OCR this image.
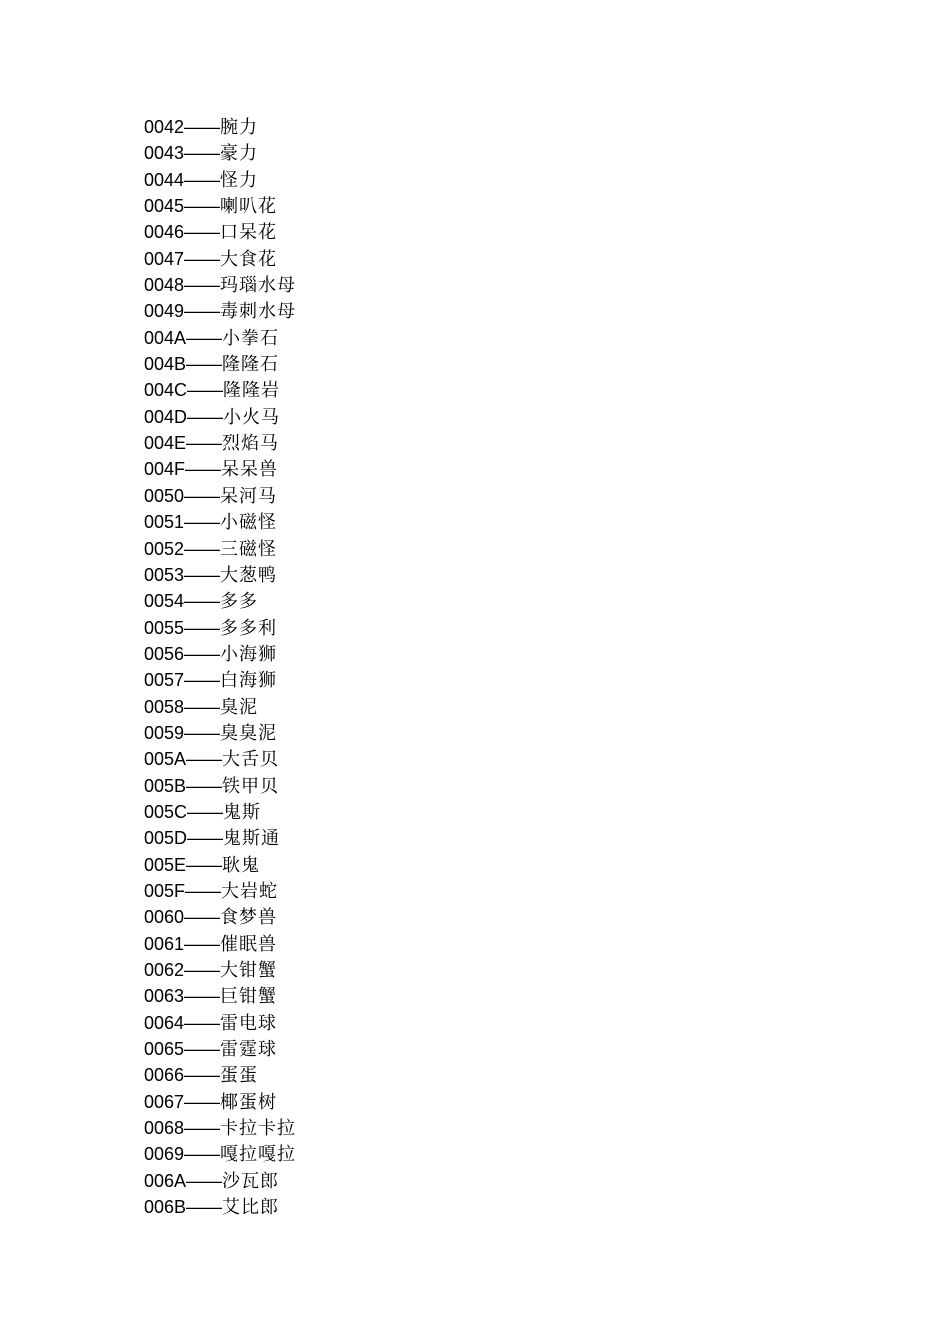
0042——腕力
0043——豪力
0044——怪力
0045——喇叭花
0046——口呆花
0047——大食花
0048——玛瑙水母
0049——毒刺水母
004A——小拳石
004B——隆隆石
004C——隆隆岩
004D——小火马
004E——烈焰马
004F——呆呆兽
0050——呆河马
0051——小磁怪
0052——三磁怪
0053——大葱鸭
0054——多多
0055——多多利
0056——小海狮
0057——白海狮
0058——臭泥
0059——臭臭泥
005A——大舌贝
005B——铁甲贝
005C——鬼斯
005D——鬼斯通
005E——耿鬼
005F——大岩蛇
0060——食梦兽
0061——催眠兽
0062——大钳蟹
0063——巨钳蟹
0064——雷电球
0065——雷霆球
0066——蛋蛋
0067——椰蛋树
0068——卡拉卡拉
0069——嘎拉嘎拉
006A——沙瓦郎
006B——艾比郎
